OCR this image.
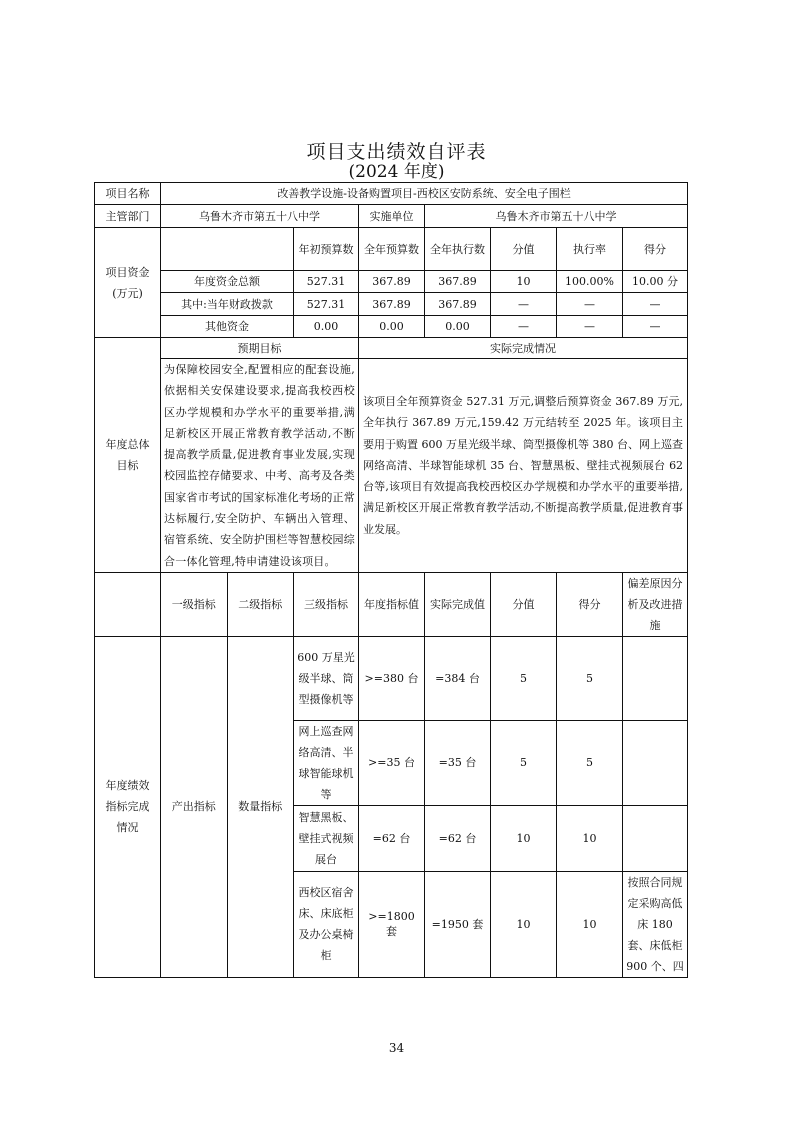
项目支出绩效自评表
(2024 年度)
项目名称	改善教学设施-设备购置项目-西校区安防系统、安全电子围栏							
主管部门	乌鲁木齐市第五十八中学			实施单位	乌鲁木齐市第五十八中学			

项目资金
(万元)			年初预算数	全年预算数	全年执行数	分值	执行率	得分
	年度资金总额		527.31	367.89	367.89	10	100.00%	10.00 分
	其中:当年财政拨款		527.31	367.89	367.89	—	—	—
	其他资金		0.00	0.00	0.00	—	—	—
年度总体目标	预期目标			实际完成情况				
	为保障校园安全,配置相应的配套设施,依据相关安保建设要求,提高我校西校区办学规模和办学水平的重要举措,满足新校区开展正常教育教学活动,不断提高教学质量,促进教育事业发展,实现校园监控存储要求、中考、高考及各类国家省市考试的国家标准化考场的正常达标履行,安全防护、车辆出入管理、宿管系统、安全防护围栏等智慧校园综合一体化管理,特申请建设该项目。			该项目全年预算资金 527.31 万元,调整后预算资金 367.89 万元,全年执行 367.89 万元,159.42 万元结转至 2025 年。该项目主要用于购置 600 万星光级半球、筒型摄像机等 380 台、网上巡查网络高清、半球智能球机 35 台、智慧黑板、壁挂式视频展台 62 台等,该项目有效提高我校西校区办学规模和办学水平的重要举措,满足新校区开展正常教育教学活动,不断提高教学质量,促进教育事业发展。				
	一级指标	二级指标	三级指标	年度指标值	实际完成值	分值	得分	偏差原因分析及改进措施
年度绩效指标完成情况	产出指标	数量指标	600 万星光级半球、筒型摄像机等	>=380 台	=384 台	5	5	
			网上巡查网络高清、半球智能球机等	>=35 台	=35 台	5	5	
			智慧黑板、壁挂式视频展台	=62 台	=62 台	10	10	
			西校区宿舍床、床底柜及办公桌椅柜	>=1800 套	=1950 套	10	10	按照合同规定采购高低床 180 套、床低柜 900 个、四
34
